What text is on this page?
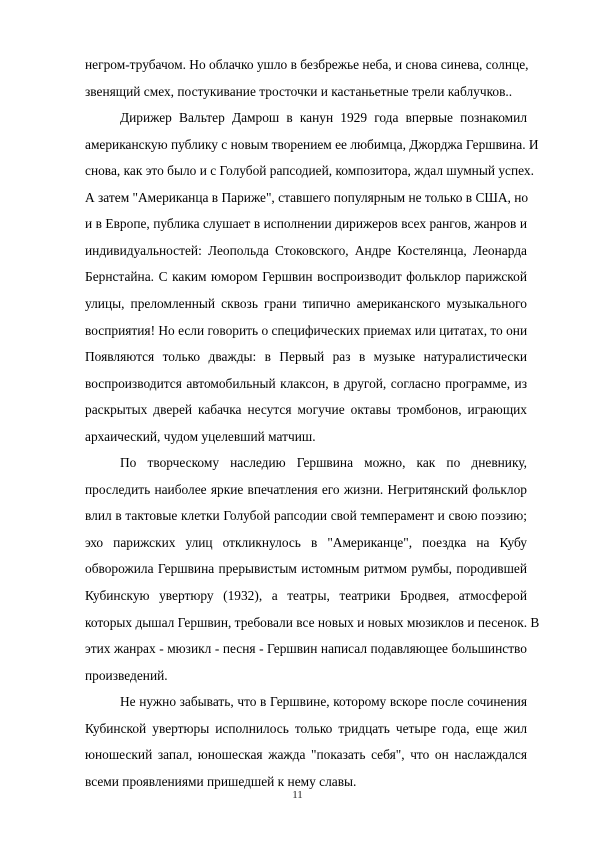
негром-трубачом. Но облачко ушло в безбрежье неба, и снова синева, солнце,
звенящий смех, постукивание тросточки и кастаньетные трели каблучков..
Дирижер Вальтер Дамрош в канун 1929 года впервые познакомил
американскую публику с новым творением ее любимца, Джорджа Гершвина. И
снова, как это было и с Голубой рапсодией, композитора, ждал шумный успех.
А затем "Американца в Париже", ставшего популярным не только в США, но
и в Европе, публика слушает в исполнении дирижеров всех рангов, жанров и
индивидуальностей: Леопольда Стоковского, Андре Костелянца, Леонарда
Бернстайна. С каким юмором Гершвин воспроизводит фольклор парижской
улицы, преломленный сквозь грани типично американского музыкального
восприятия! Но если говорить о специфических приемах или цитатах, то они
Появляются только дважды: в Первый раз в музыке натуралистически
воспроизводится автомобильный клаксон, в другой, согласно программе, из
раскрытых дверей кабачка несутся могучие октавы тромбонов, играющих
архаический, чудом уцелевший матчиш.
По творческому наследию Гершвина можно, как по дневнику,
проследить наиболее яркие впечатления его жизни. Негритянский фольклор
влил в тактовые клетки Голубой рапсодии свой темперамент и свою поэзию;
эхо парижских улиц откликнулось в "Американце", поездка на Кубу
обворожила Гершвина прерывистым истомным ритмом румбы, породившей
Кубинскую увертюру (1932), а театры, театрики Бродвея, атмосферой
которых дышал Гершвин, требовали все новых и новых мюзиклов и песенок. В
этих жанрах - мюзикл - песня - Гершвин написал подавляющее большинство
произведений.
Не нужно забывать, что в Гершвине, которому вскоре после сочинения
Кубинской увертюры исполнилось только тридцать четыре года, еще жил
юношеский запал, юношеская жажда "показать себя", что он наслаждался
всеми проявлениями пришедшей к нему славы.
11
